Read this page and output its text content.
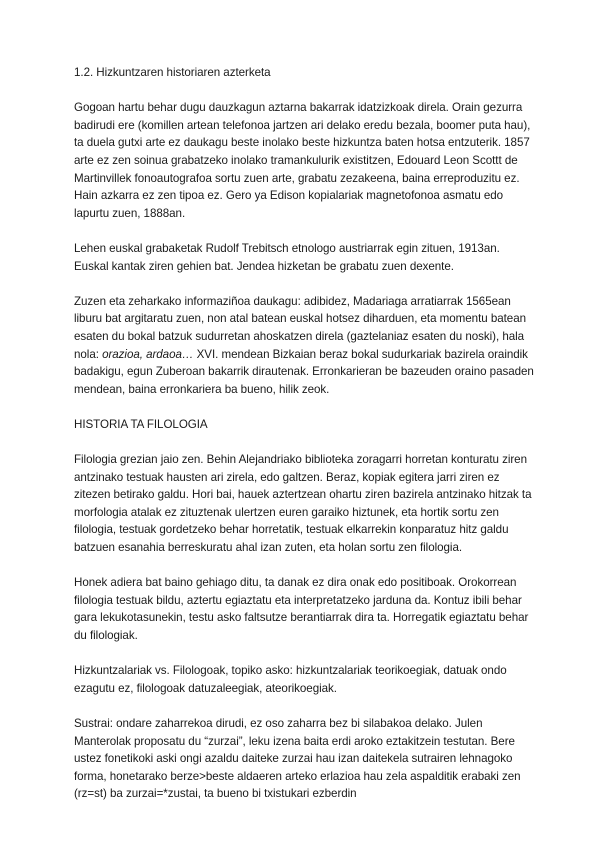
1.2. Hizkuntzaren historiaren azterketa

Gogoan hartu behar dugu dauzkagun aztarna bakarrak idatzizkoak direla. Orain gezurra badirudi ere (komillen artean telefonoa jartzen ari delako eredu bezala, boomer puta hau), ta duela gutxi arte ez daukagu beste inolako beste hizkuntza baten hotsa entzuterik. 1857 arte ez zen soinua grabatzeko inolako tramankulurik existitzen, Edouard Leon Scottt de Martinvillek fonoautografoa sortu zuen arte, grabatu zezakeena, baina erreproduzitu ez. Hain azkarra ez zen tipoa ez. Gero ya Edison kopialariak magnetofonoa asmatu edo lapurtu zuen, 1888an.

Lehen euskal grabaketak Rudolf Trebitsch etnologo austriarrak egin zituen, 1913an. Euskal kantak ziren gehien bat. Jendea hizketan be grabatu zuen dexente.

Zuzen eta zeharkako informaziñoa daukagu: adibidez, Madariaga arratiarrak 1565ean liburu bat argitaratu zuen, non atal batean euskal hotsez diharduen, eta momentu batean esaten du bokal batzuk sudurretan ahoskatzen direla (gaztelaniaz esaten du noski), hala nola: orazioa, ardaoa… XVI. mendean Bizkaian beraz bokal sudurkariak bazirela oraindik badakigu, egun Zuberoan bakarrik dirautenak. Erronkarieran be bazeuden oraino pasaden mendean, baina erronkariera ba bueno, hilik zeok.

HISTORIA TA FILOLOGIA

Filologia grezian jaio zen. Behin Alejandriako biblioteka zoragarri horretan konturatu ziren antzinako testuak hausten ari zirela, edo galtzen. Beraz, kopiak egitera jarri ziren ez zitezen betirako galdu. Hori bai, hauek aztertzean ohartu ziren bazirela antzinako hitzak ta morfologia atalak ez zituztenak ulertzen euren garaiko hiztunek, eta hortik sortu zen filologia, testuak gordetzeko behar horretatik, testuak elkarrekin konparatuz hitz galdu batzuen esanahia berreskuratu ahal izan zuten, eta holan sortu zen filologia.

Honek adiera bat baino gehiago ditu, ta danak ez dira onak edo positiboak. Orokorrean filologia testuak bildu, aztertu egiaztatu eta interpretatzeko jarduna da. Kontuz ibili behar gara lekukotasunekin, testu asko faltsutze berantiarrak dira ta. Horregatik egiaztatu behar du filologiak.

Hizkuntzalariak vs. Filologoak, topiko asko: hizkuntzalariak teorikoegiak, datuak ondo ezagutu ez, filologoak datuzaleegiak, ateorikoegiak.

Sustrai: ondare zaharrekoa dirudi, ez oso zaharra bez bi silabakoa delako. Julen Manterolak proposatu du “zurzai”, leku izena baita erdi aroko eztakitzein testutan. Bere ustez fonetikoki aski ongi azaldu daiteke zurzai hau izan daitekela sutrairen lehnagoko forma, honetarako berze>beste aldaeren arteko erlazioa hau zela aspalditik erabaki zen (rz=st) ba zurzai=*zustai, ta bueno bi txistukari ezberdin
